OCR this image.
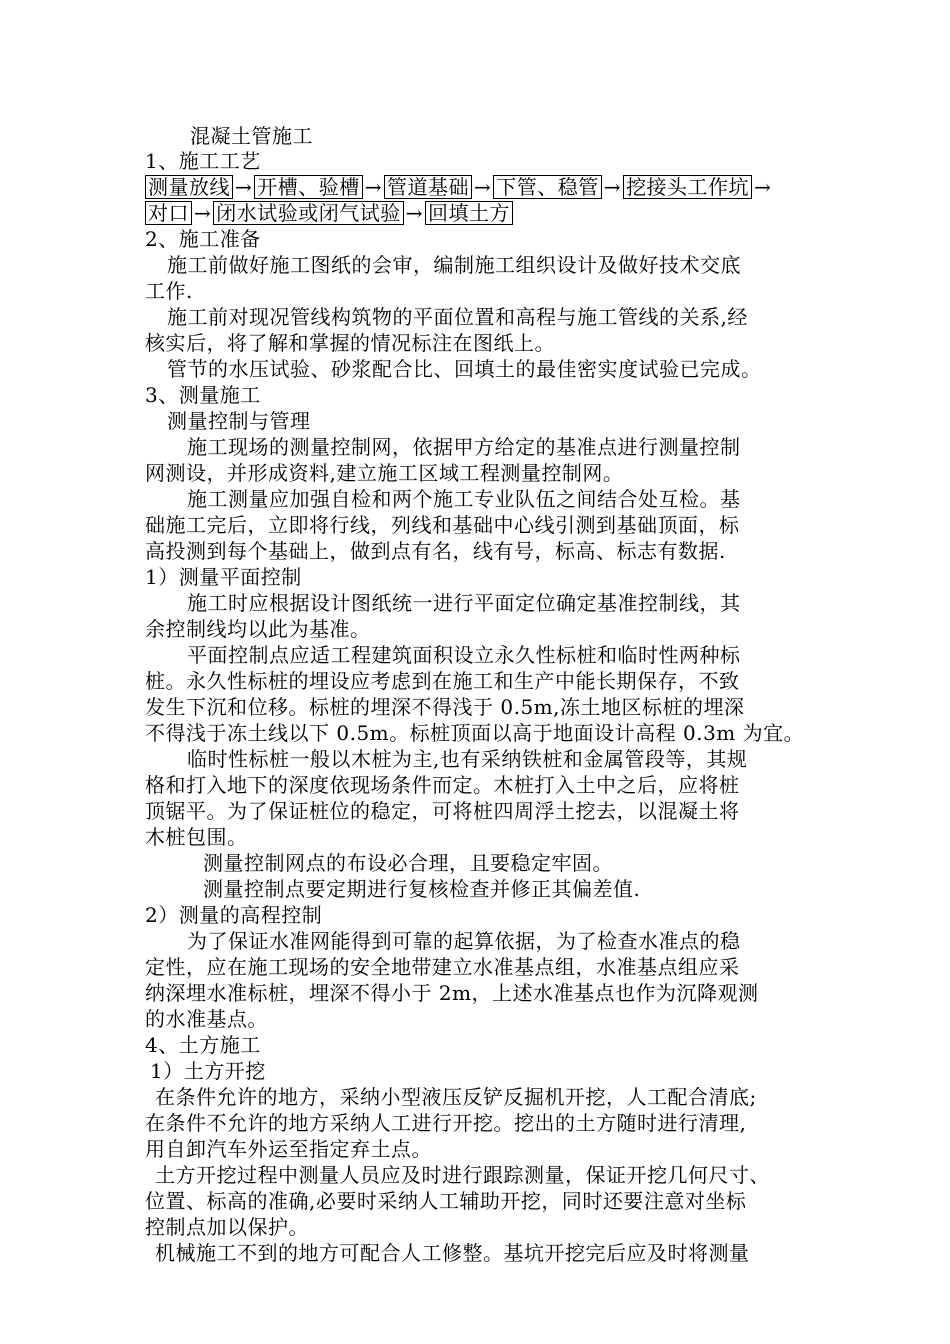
混凝土管施工
1、施工工艺
测量放线 → 开槽、验槽 → 管道基础 → 下管、稳管 → 挖接头工作坑 →
对口 → 闭水试验或闭气试验 → 回填土方
2、施工准备
施工前做好施工图纸的会审，编制施工组织设计及做好技术交底
工作.
施工前对现况管线构筑物的平面位置和高程与施工管线的关系,经
核实后，将了解和掌握的情况标注在图纸上。
管节的水压试验、砂浆配合比、回填土的最佳密实度试验已完成。
3、测量施工
测量控制与管理
施工现场的测量控制网，依据甲方给定的基准点进行测量控制
网测设，并形成资料,建立施工区域工程测量控制网。
施工测量应加强自检和两个施工专业队伍之间结合处互检。基
础施工完后，立即将行线，列线和基础中心线引测到基础顶面，标
高投测到每个基础上，做到点有名，线有号，标高、标志有数据.
1）测量平面控制
施工时应根据设计图纸统一进行平面定位确定基准控制线，其
余控制线均以此为基准。
平面控制点应适工程建筑面积设立永久性标桩和临时性两种标
桩。永久性标桩的埋设应考虑到在施工和生产中能长期保存，不致
发生下沉和位移。标桩的埋深不得浅于 0.5m,冻土地区标桩的埋深
不得浅于冻土线以下 0.5m。标桩顶面以高于地面设计高程 0.3m 为宜。
临时性标桩一般以木桩为主,也有采纳铁桩和金属管段等，其规
格和打入地下的深度依现场条件而定。木桩打入土中之后，应将桩
顶锯平。为了保证桩位的稳定，可将桩四周浮土挖去，以混凝土将
木桩包围。
测量控制网点的布设必合理，且要稳定牢固。
测量控制点要定期进行复核检查并修正其偏差值.
2）测量的高程控制
为了保证水准网能得到可靠的起算依据，为了检查水准点的稳
定性，应在施工现场的安全地带建立水准基点组，水准基点组应采
纳深埋水准标桩，埋深不得小于 2m，上述水准基点也作为沉降观测
的水准基点。
4、土方施工
1）土方开挖
在条件允许的地方，采纳小型液压反铲反掘机开挖，人工配合清底;
在条件不允许的地方采纳人工进行开挖。挖出的土方随时进行清理,
用自卸汽车外运至指定弃土点。
土方开挖过程中测量人员应及时进行跟踪测量，保证开挖几何尺寸、
位置、标高的准确,必要时采纳人工辅助开挖，同时还要注意对坐标
控制点加以保护。
机械施工不到的地方可配合人工修整。基坑开挖完后应及时将测量
